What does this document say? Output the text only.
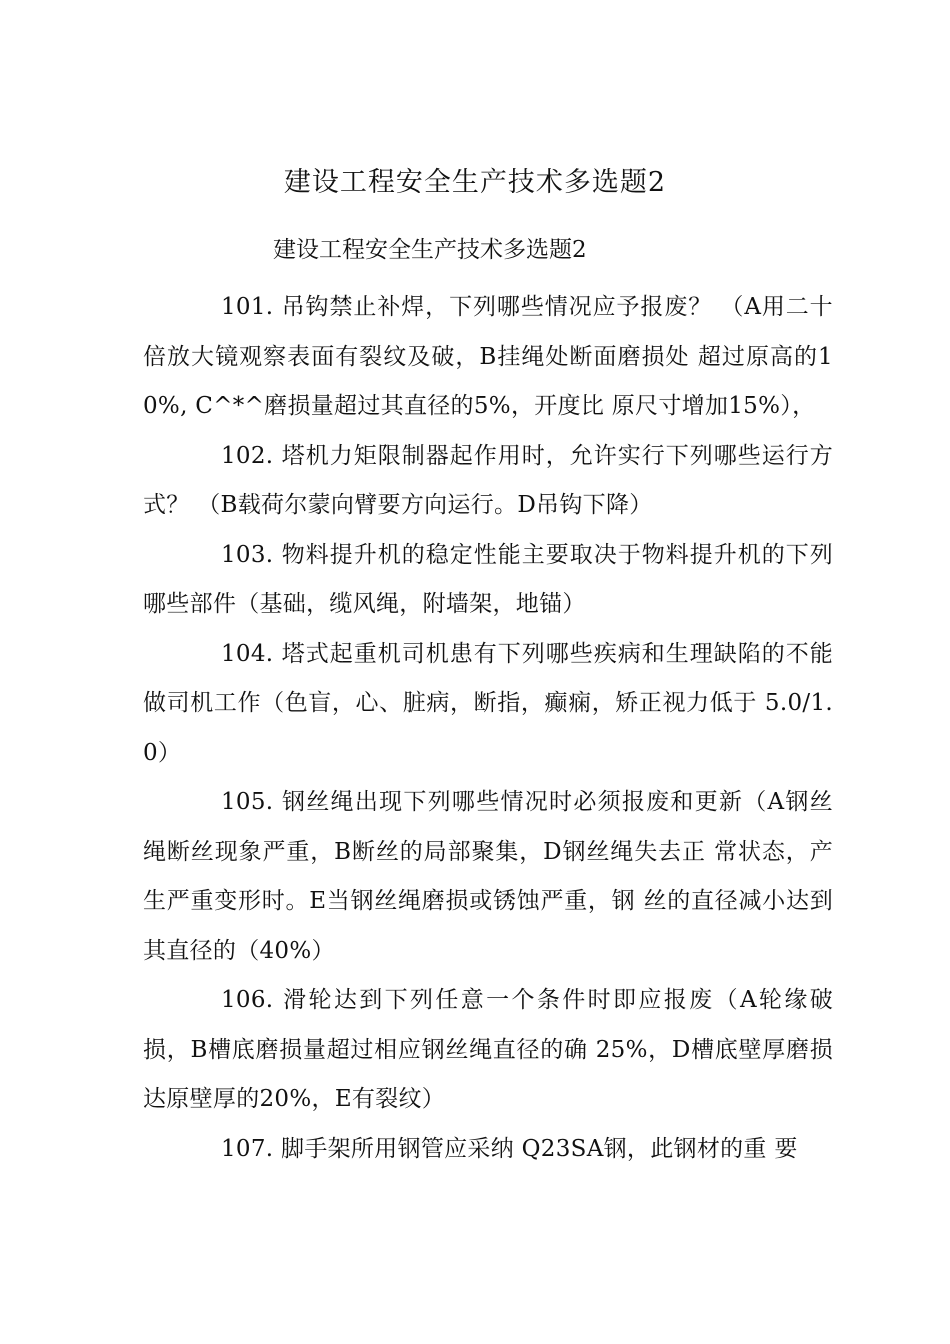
建设工程安全生产技术多选题2
建设工程安全生产技术多选题2

101. 吊钩禁止补焊，下列哪些情况应予报废？ （A用二十倍放大镜观察表面有裂纹及破，B挂绳处断面磨损处 超过原高的10%, C^*^磨损量超过其直径的5%，开度比 原尺寸增加15%），

102. 塔机力矩限制器起作用时，允许实行下列哪些运行方式？ （B载荷尔蒙向臂要方向运行。D吊钩下降）

103. 物料提升机的稳定性能主要取决于物料提升机的下列哪些部件（基础，缆风绳，附墙架，地锚）

104. 塔式起重机司机患有下列哪些疾病和生理缺陷的不能做司机工作（色盲，心、脏病，断指，癫痫，矫正视力低于 5.0/1.0）

105. 钢丝绳出现下列哪些情况时必须报废和更新（A钢丝绳断丝现象严重，B断丝的局部聚集，D钢丝绳失去正 常状态，产生严重变形时。E当钢丝绳磨损或锈蚀严重，钢 丝的直径减小达到其直径的（40%）

106. 滑轮达到下列任意一个条件时即应报废（A轮缘破损，B槽底磨损量超过相应钢丝绳直径的确 25%，D槽底壁厚磨损达原壁厚的20%，E有裂纹）

107. 脚手架所用钢管应采纳 Q23SA钢，此钢材的重 要
